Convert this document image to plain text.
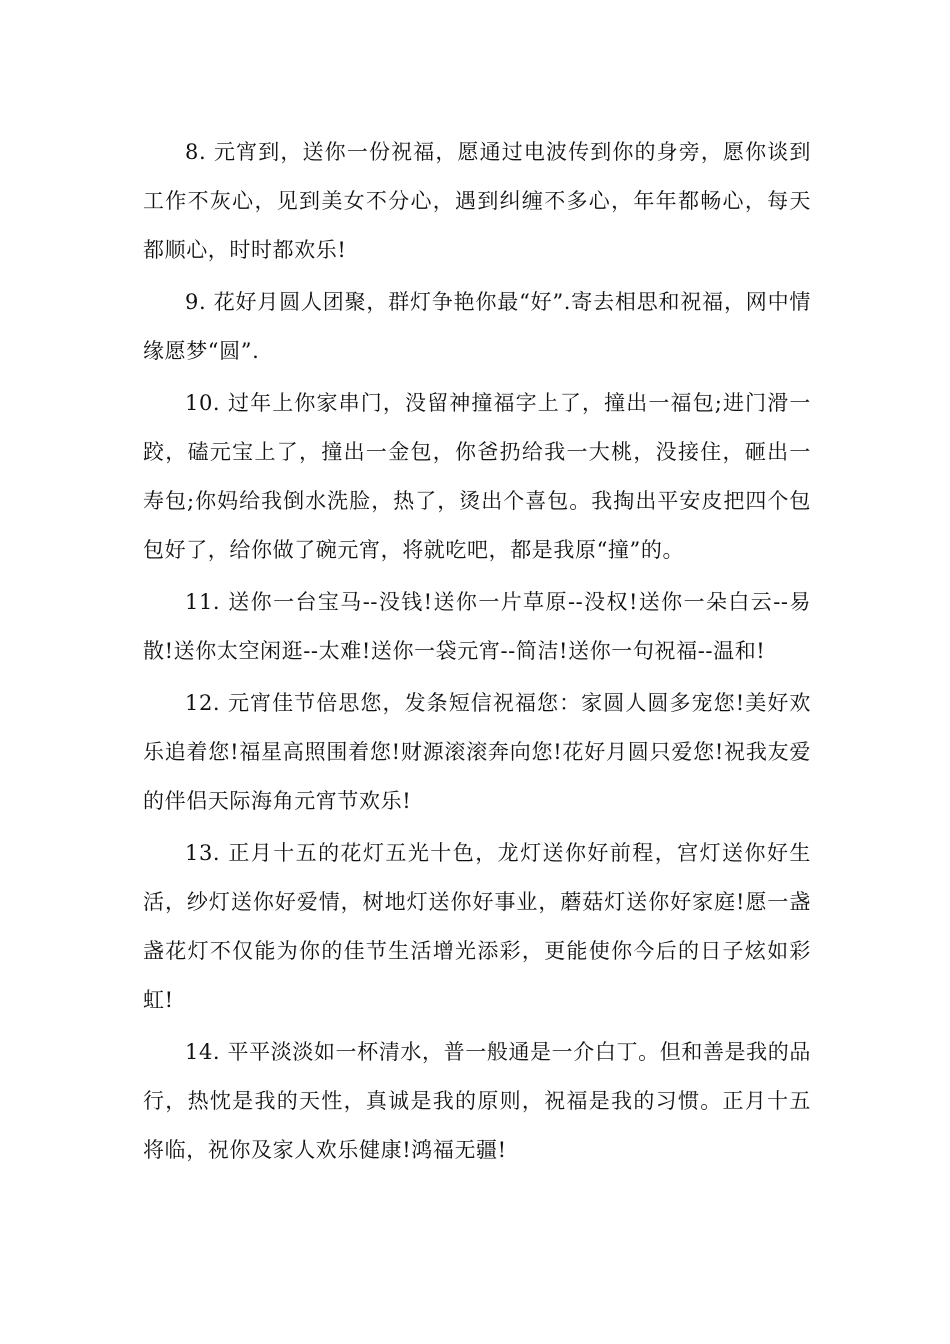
8. 元宵到，送你一份祝福，愿通过电波传到你的身旁，愿你谈到工作不灰心，见到美女不分心，遇到纠缠不多心，年年都畅心，每天都顺心，时时都欢乐!

9. 花好月圆人团聚，群灯争艳你最“好”.寄去相思和祝福，网中情缘愿梦“圆”.

10. 过年上你家串门，没留神撞福字上了，撞出一福包;进门滑一跤，磕元宝上了，撞出一金包，你爸扔给我一大桃，没接住，砸出一寿包;你妈给我倒水洗脸，热了，烫出个喜包。我掏出平安皮把四个包包好了，给你做了碗元宵，将就吃吧，都是我原“撞”的。

11. 送你一台宝马--没钱!送你一片草原--没权!送你一朵白云--易散!送你太空闲逛--太难!送你一袋元宵--简洁!送你一句祝福--温和!

12. 元宵佳节倍思您，发条短信祝福您：家圆人圆多宠您!美好欢乐追着您!福星高照围着您!财源滚滚奔向您!花好月圆只爱您!祝我友爱的伴侣天际海角元宵节欢乐!

13. 正月十五的花灯五光十色，龙灯送你好前程，宫灯送你好生活，纱灯送你好爱情，树地灯送你好事业，蘑菇灯送你好家庭!愿一盏盏花灯不仅能为你的佳节生活增光添彩，更能使你今后的日子炫如彩虹!

14. 平平淡淡如一杯清水，普一般通是一介白丁。但和善是我的品行，热忱是我的天性，真诚是我的原则，祝福是我的习惯。正月十五将临，祝你及家人欢乐健康!鸿福无疆!
